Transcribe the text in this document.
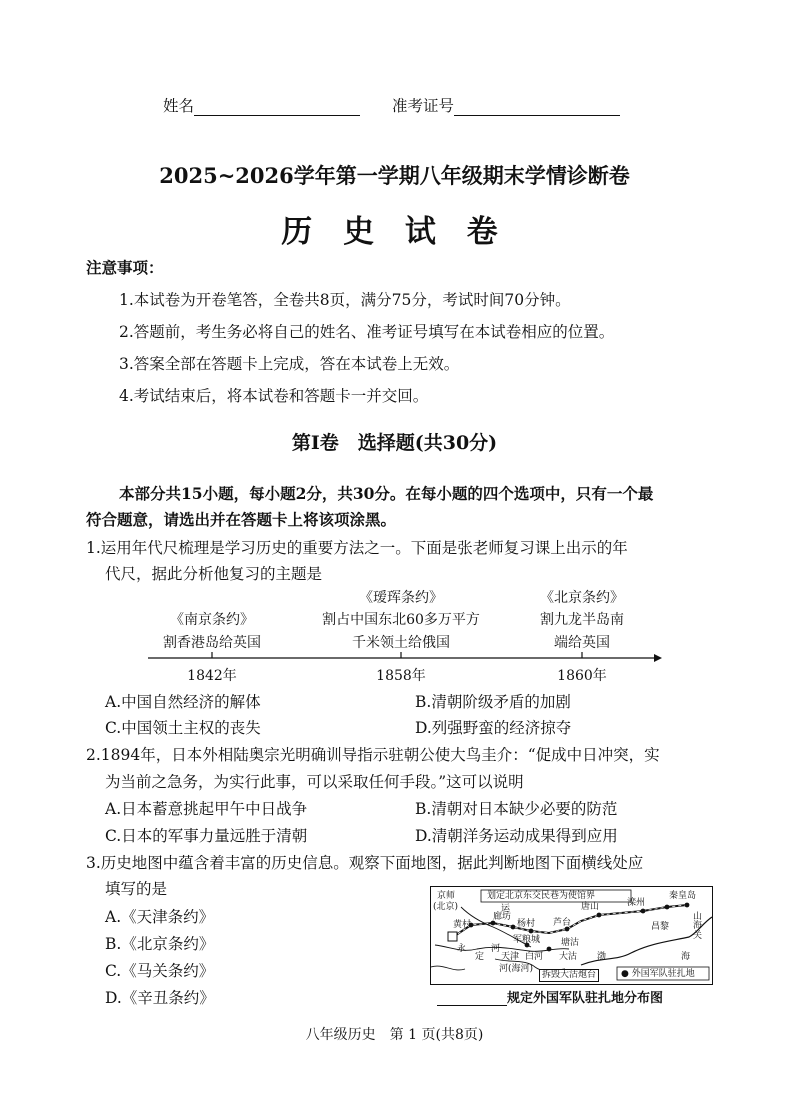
姓名	准考证号
2025~2026学年第一学期八年级期末学情诊断卷
历 史 试 卷
注意事项：
1.本试卷为开卷笔答，全卷共8页，满分75分，考试时间70分钟。
2.答题前，考生务必将自己的姓名、准考证号填写在本试卷相应的位置。
3.答案全部在答题卡上完成，答在本试卷上无效。
4.考试结束后，将本试卷和答题卡一并交回。
第Ⅰ卷　选择题(共30分)
本部分共15小题，每小题2分，共30分。在每小题的四个选项中，只有一个最
符合题意，请选出并在答题卡上将该项涂黑。
1.运用年代尺梳理是学习历史的重要方法之一。下面是张老师复习课上出示的年
代尺，据此分析他复习的主题是
《南京条约》
割香港岛给英国
1842年
《瑷珲条约》
割占中国东北60多万平方
千米领土给俄国
1858年
《北京条约》
割九龙半岛南
端给英国
1860年
A.中国自然经济的解体	B.清朝阶级矛盾的加剧
C.中国领土主权的丧失	D.列强野蛮的经济掠夺
2.1894年，日本外相陆奥宗光明确训导指示驻朝公使大鸟圭介：“促成中日冲突，实
为当前之急务，为实行此事，可以采取任何手段。”这可以说明
A.日本蓄意挑起甲午中日战争	B.清朝对日本缺少必要的防范
C.日本的军事力量远胜于清朝	D.清朝洋务运动成果得到应用
3.历史地图中蕴含着丰富的历史信息。观察下面地图，据此判断地图下面横线处应
填写的是
A.《天津条约》
B.《北京条约》
C.《马关条约》
D.《辛丑条约》
划定北京东交民巷为使馆界
京师
(北京)	运
廊坊
黄村	杨村 芦台
唐山	滦州
秦皇岛
山海关
昌黎
永
定
河
军粮城 塘沽
天津 白河
河(海河)
大沽 渤	海
拆毁大沽炮台	● 外国军队驻扎地
规定外国军队驻扎地分布图
八年级历史　第 1 页(共8页)
